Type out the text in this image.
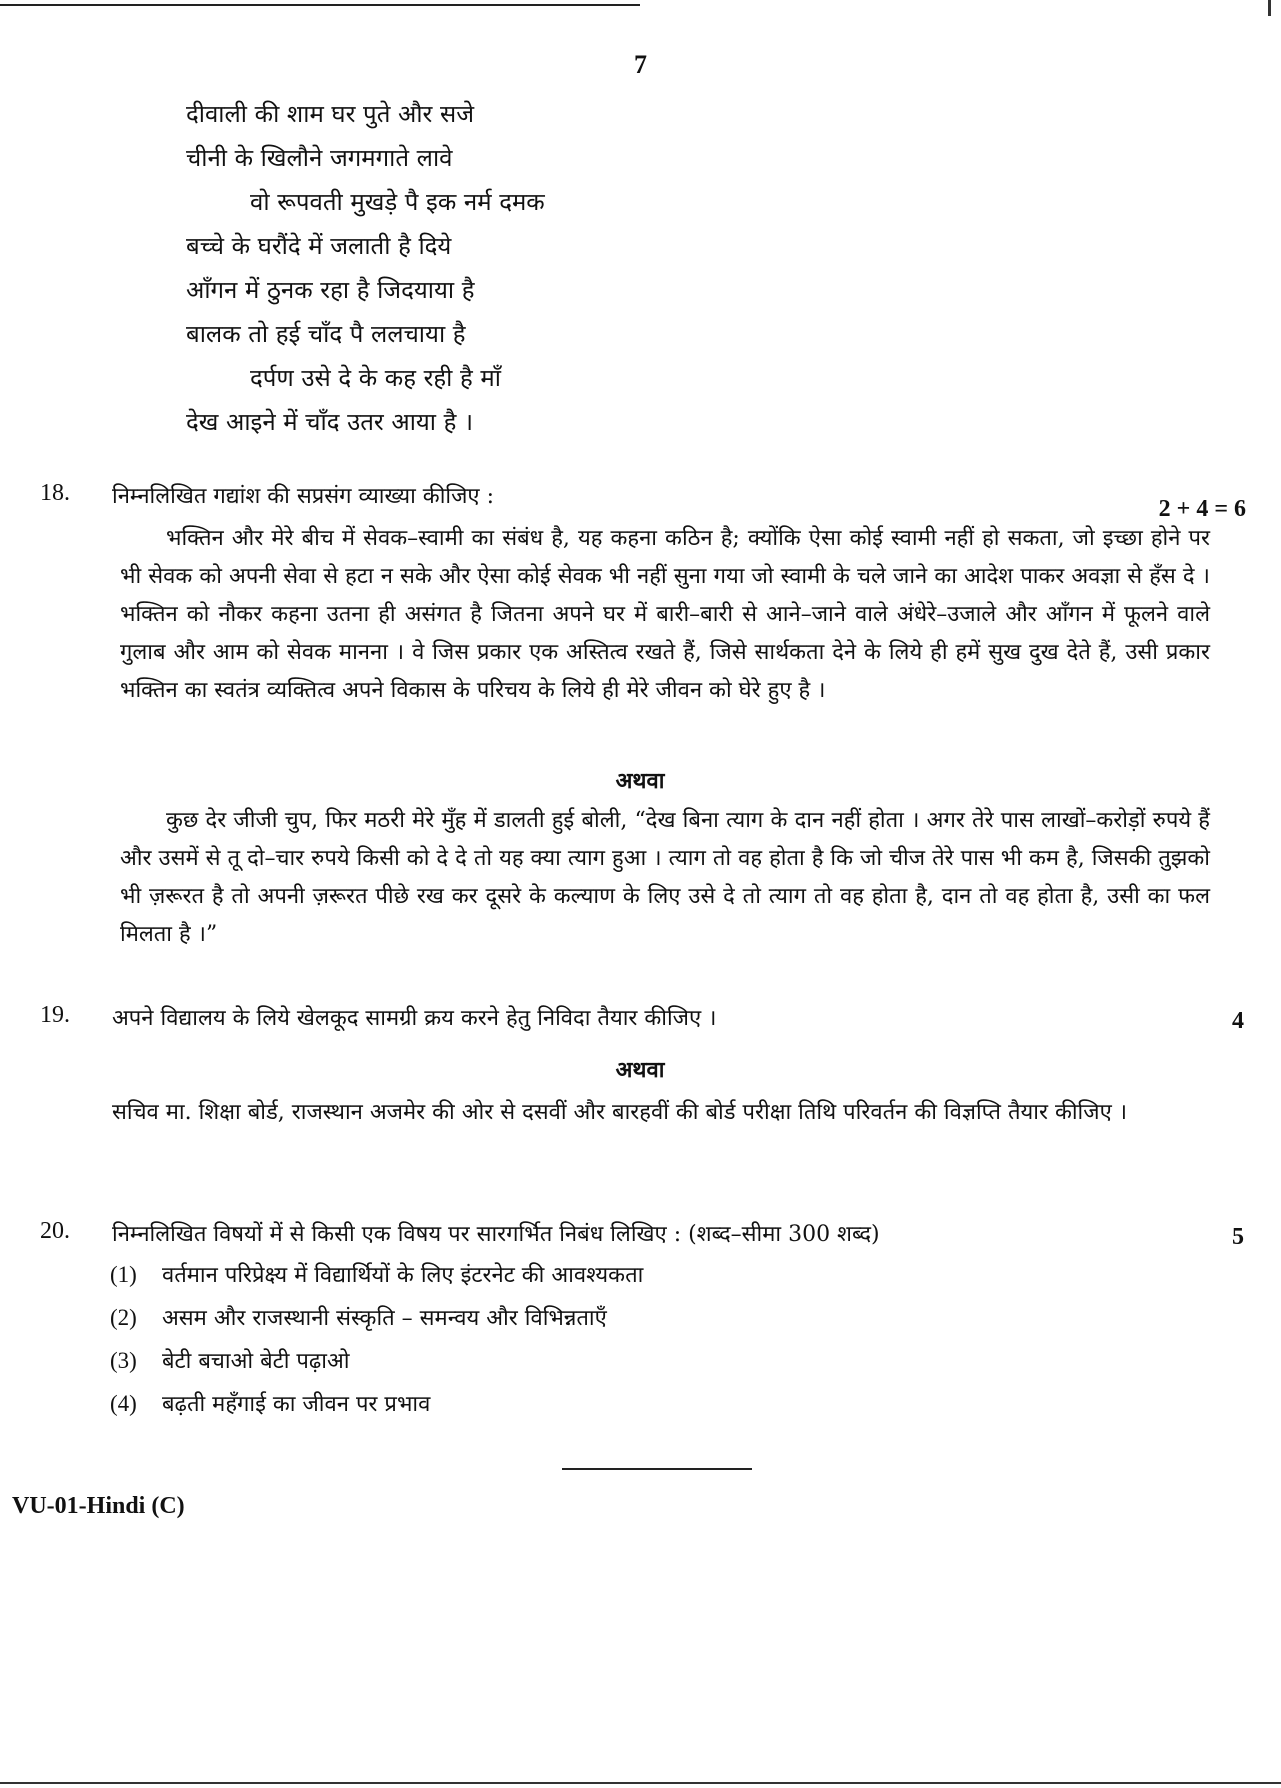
7
दीवाली की शाम घर पुते और सजे
चीनी के खिलौने जगमगाते लावे
वो रूपवती मुखड़े पै इक नर्म दमक
बच्चे के घरौंदे में जलाती है दिये
आँगन में ठुनक रहा है जिदयाया है
बालक तो हई चाँद पै ललचाया है
दर्पण उसे दे के कह रही है माँ
देख आइने में चाँद उतर आया है ।
18. निम्नलिखित गद्यांश की सप्रसंग व्याख्या कीजिए :	2 + 4 = 6
भक्तिन और मेरे बीच में सेवक–स्वामी का संबंध है, यह कहना कठिन है; क्योंकि ऐसा कोई स्वामी नहीं हो सकता, जो इच्छा होने पर भी सेवक को अपनी सेवा से हटा न सके और ऐसा कोई सेवक भी नहीं सुना गया जो स्वामी के चले जाने का आदेश पाकर अवज्ञा से हँस दे । भक्तिन को नौकर कहना उतना ही असंगत है जितना अपने घर में बारी–बारी से आने–जाने वाले अंधेरे–उजाले और आँगन में फूलने वाले गुलाब और आम को सेवक मानना । वे जिस प्रकार एक अस्तित्व रखते हैं, जिसे सार्थकता देने के लिये ही हमें सुख दुख देते हैं, उसी प्रकार भक्तिन का स्वतंत्र व्यक्तित्व अपने विकास के परिचय के लिये ही मेरे जीवन को घेरे हुए है ।
अथवा
कुछ देर जीजी चुप, फिर मठरी मेरे मुँह में डालती हुई बोली, “देख बिना त्याग के दान नहीं होता । अगर तेरे पास लाखों–करोड़ों रुपये हैं और उसमें से तू दो–चार रुपये किसी को दे दे तो यह क्या त्याग हुआ । त्याग तो वह होता है कि जो चीज तेरे पास भी कम है, जिसकी तुझको भी ज़रूरत है तो अपनी ज़रूरत पीछे रख कर दूसरे के कल्याण के लिए उसे दे तो त्याग तो वह होता है, दान तो वह होता है, उसी का फल मिलता है ।”
19. अपने विद्यालय के लिये खेलकूद सामग्री क्रय करने हेतु निविदा तैयार कीजिए ।	4
अथवा
सचिव मा. शिक्षा बोर्ड, राजस्थान अजमेर की ओर से दसवीं और बारहवीं की बोर्ड परीक्षा तिथि परिवर्तन की विज्ञप्ति तैयार कीजिए ।
20. निम्नलिखित विषयों में से किसी एक विषय पर सारगर्भित निबंध लिखिए : (शब्द–सीमा 300 शब्द)	5
(1) वर्तमान परिप्रेक्ष्य में विद्यार्थियों के लिए इंटरनेट की आवश्यकता
(2) असम और राजस्थानी संस्कृति – समन्वय और विभिन्नताएँ
(3) बेटी बचाओ बेटी पढ़ाओ
(4) बढ़ती महँगाई का जीवन पर प्रभाव
VU-01-Hindi (C)
